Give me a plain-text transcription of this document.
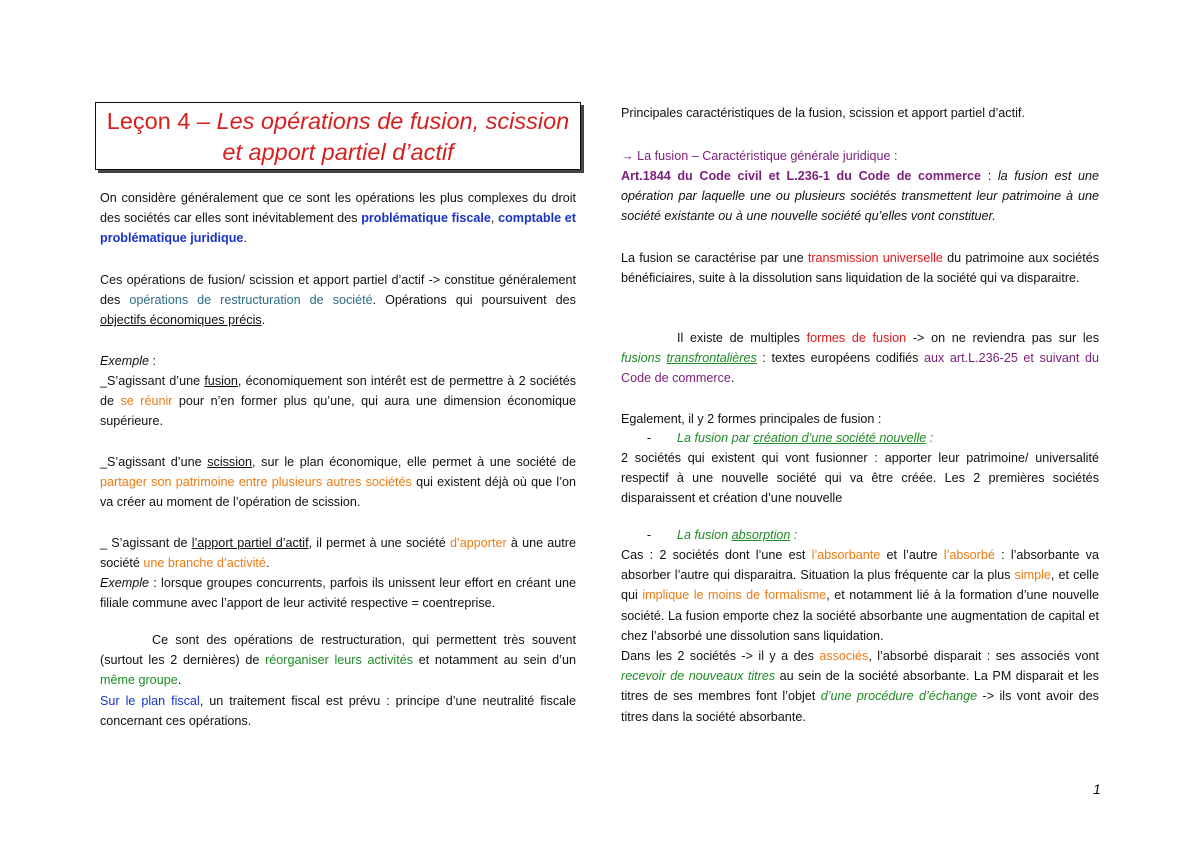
Leçon 4 – Les opérations de fusion, scission
et apport partiel d’actif

On considère généralement que ce sont les opérations les plus complexes du droit des sociétés car elles sont inévitablement des problématique fiscale, comptable et problématique juridique.

Ces opérations de fusion/ scission et apport partiel d’actif -> constitue généralement des opérations de restructuration de société. Opérations qui poursuivent des objectifs économiques précis.

Exemple :

_S’agissant d’une fusion, économiquement son intérêt est de permettre à 2 sociétés de se réunir pour n’en former plus qu’une, qui aura une dimension économique supérieure.

_S’agissant d’une scission, sur le plan économique, elle permet à une société de partager son patrimoine entre plusieurs autres sociétés qui existent déjà où que l’on va créer au moment de l’opération de scission.

_ S’agissant de l’apport partiel d’actif, il permet à une société d’apporter à une autre société une branche d’activité.

Exemple : lorsque groupes concurrents, parfois ils unissent leur effort en créant une filiale commune avec l’apport de leur activité respective = coentreprise.

Ce sont des opérations de restructuration, qui permettent très souvent (surtout les 2 dernières) de réorganiser leurs activités et notamment au sein d’un même groupe.

Sur le plan fiscal, un traitement fiscal est prévu : principe d’une neutralité fiscale concernant ces opérations.

Principales caractéristiques de la fusion, scission et apport partiel d’actif.

→ La fusion – Caractéristique générale juridique :

Art.1844 du Code civil et L.236-1 du Code de commerce : la fusion est une opération par laquelle une ou plusieurs sociétés transmettent leur patrimoine à une société existante ou à une nouvelle société qu’elles vont constituer.

La fusion se caractérise par une transmission universelle du patrimoine aux sociétés bénéficiaires, suite à la dissolution sans liquidation de la société qui va disparaitre.

Il existe de multiples formes de fusion -> on ne reviendra pas sur les fusions transfrontalières : textes européens codifiés aux art.L.236-25 et suivant du Code de commerce.

Egalement, il y 2 formes principales de fusion :

- La fusion par création d’une société nouvelle :

2 sociétés qui existent qui vont fusionner : apporter leur patrimoine/ universalité respectif à une nouvelle société qui va être créée. Les 2 premières sociétés disparaissent et création d’une nouvelle

- La fusion absorption :

Cas : 2 sociétés dont l’une est l’absorbante et l’autre l’absorbé : l’absorbante va absorber l’autre qui disparaitra. Situation la plus fréquente car la plus simple, et celle qui implique le moins de formalisme, et notamment lié à la formation d’une nouvelle société. La fusion emporte chez la société absorbante une augmentation de capital et chez l’absorbé une dissolution sans liquidation.

Dans les 2 sociétés -> il y a des associés, l’absorbé disparait : ses associés vont recevoir de nouveaux titres au sein de la société absorbante. La PM disparait et les titres de ses membres font l’objet d’une procédure d’échange -> ils vont avoir des titres dans la société absorbante.

1
